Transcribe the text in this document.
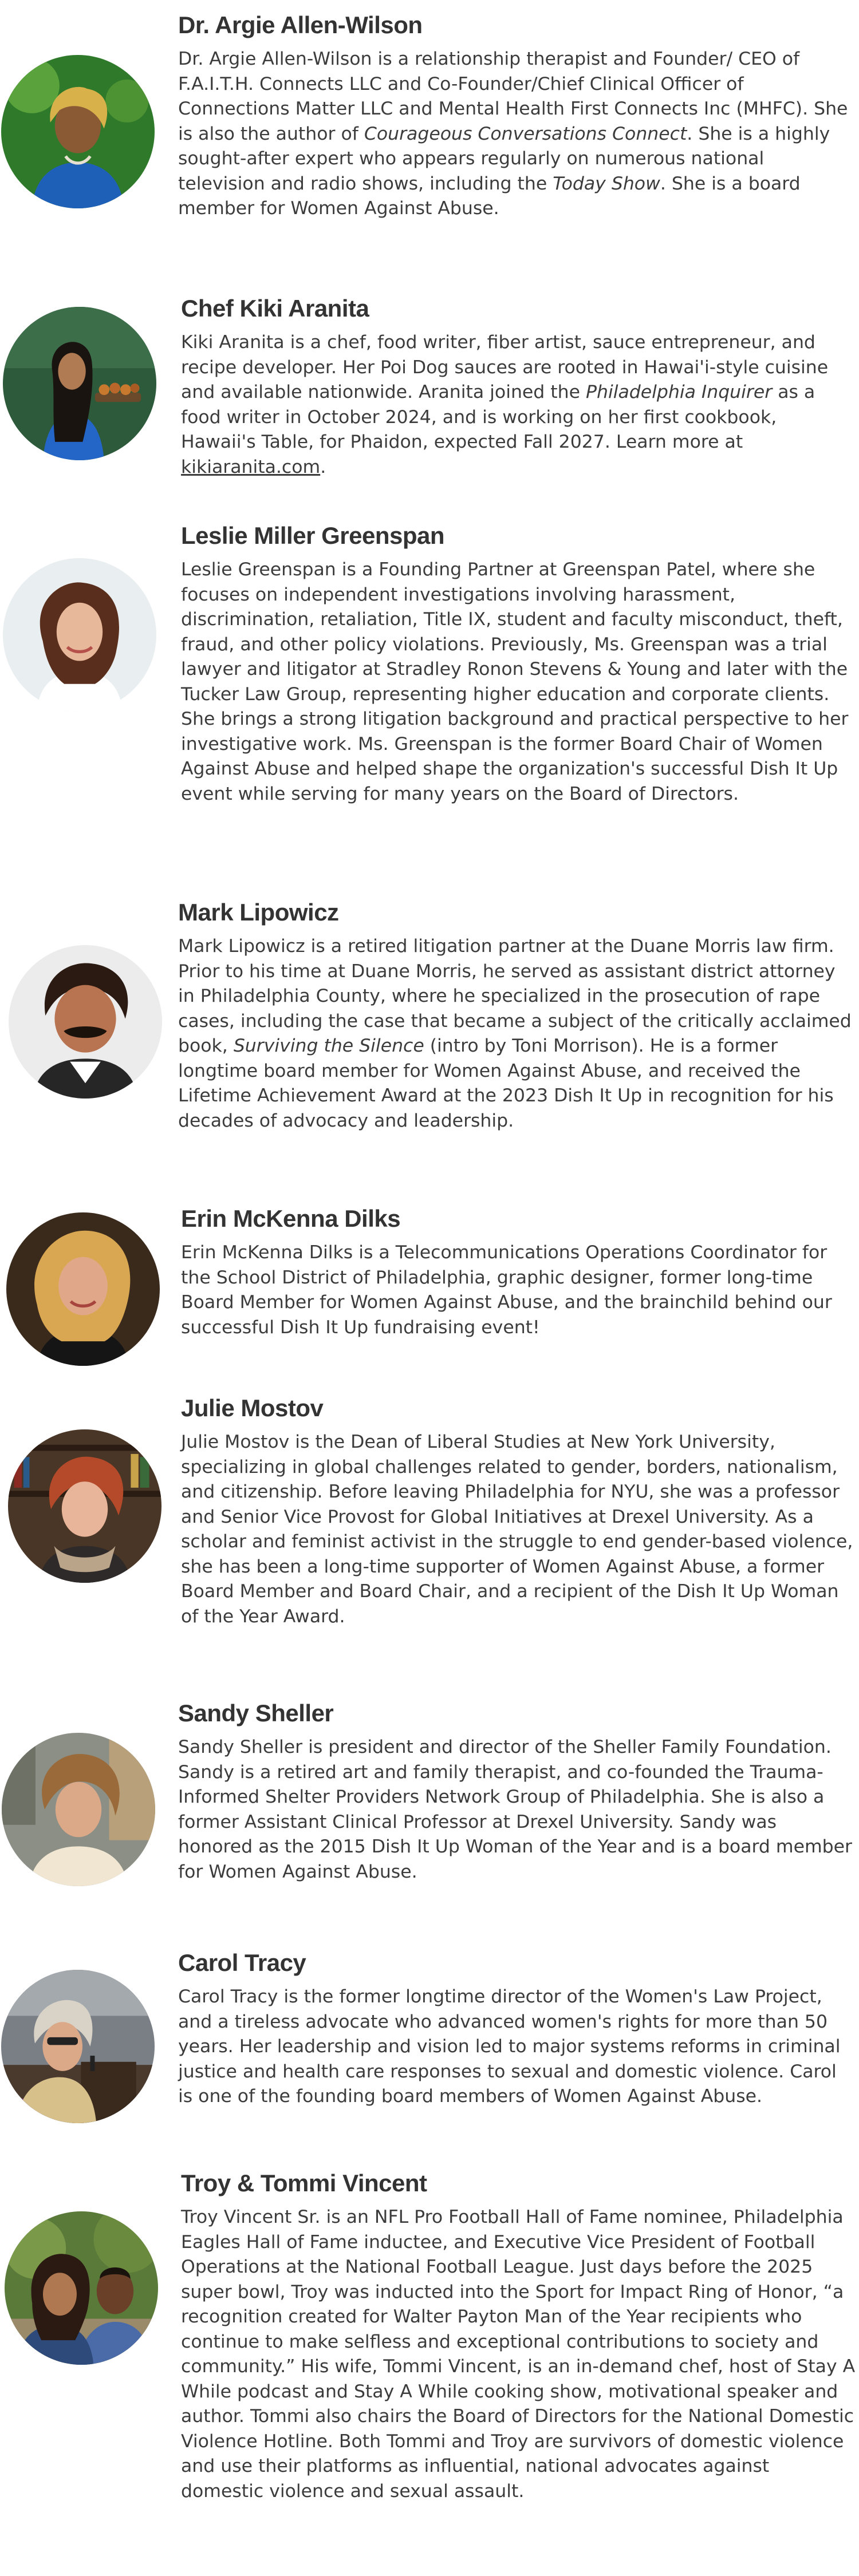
Dr. Argie Allen-Wilson

Dr. Argie Allen-Wilson is a relationship therapist and Founder/ CEO of F.A.I.T.H. Connects LLC and Co-Founder/Chief Clinical Officer of Connections Matter LLC and Mental Health First Connects Inc (MHFC). She is also the author of Courageous Conversations Connect. She is a highly sought-after expert who appears regularly on numerous national television and radio shows, including the Today Show. She is a board member for Women Against Abuse.

Chef Kiki Aranita

Kiki Aranita is a chef, food writer, fiber artist, sauce entrepreneur, and recipe developer. Her Poi Dog sauces are rooted in Hawai'i-style cuisine and available nationwide. Aranita joined the Philadelphia Inquirer as a food writer in October 2024, and is working on her first cookbook, Hawaii's Table, for Phaidon, expected Fall 2027. Learn more at kikiaranita.com.

Leslie Miller Greenspan

Leslie Greenspan is a Founding Partner at Greenspan Patel, where she focuses on independent investigations involving harassment, discrimination, retaliation, Title IX, student and faculty misconduct, theft, fraud, and other policy violations. Previously, Ms. Greenspan was a trial lawyer and litigator at Stradley Ronon Stevens & Young and later with the Tucker Law Group, representing higher education and corporate clients. She brings a strong litigation background and practical perspective to her investigative work. Ms. Greenspan is the former Board Chair of Women Against Abuse and helped shape the organization's successful Dish It Up event while serving for many years on the Board of Directors.

Mark Lipowicz

Mark Lipowicz is a retired litigation partner at the Duane Morris law firm. Prior to his time at Duane Morris, he served as assistant district attorney in Philadelphia County, where he specialized in the prosecution of rape cases, including the case that became a subject of the critically acclaimed book, Surviving the Silence (intro by Toni Morrison). He is a former longtime board member for Women Against Abuse, and received the Lifetime Achievement Award at the 2023 Dish It Up in recognition for his decades of advocacy and leadership.

Erin McKenna Dilks

Erin McKenna Dilks is a Telecommunications Operations Coordinator for the School District of Philadelphia, graphic designer, former long-time Board Member for Women Against Abuse, and the brainchild behind our successful Dish It Up fundraising event!

Julie Mostov

Julie Mostov is the Dean of Liberal Studies at New York University, specializing in global challenges related to gender, borders, nationalism, and citizenship. Before leaving Philadelphia for NYU, she was a professor and Senior Vice Provost for Global Initiatives at Drexel University. As a scholar and feminist activist in the struggle to end gender-based violence, she has been a long-time supporter of Women Against Abuse, a former Board Member and Board Chair, and a recipient of the Dish It Up Woman of the Year Award.

Sandy Sheller

Sandy Sheller is president and director of the Sheller Family Foundation. Sandy is a retired art and family therapist, and co-founded the Trauma-Informed Shelter Providers Network Group of Philadelphia. She is also a former Assistant Clinical Professor at Drexel University. Sandy was honored as the 2015 Dish It Up Woman of the Year and is a board member for Women Against Abuse.

Carol Tracy

Carol Tracy is the former longtime director of the Women's Law Project, and a tireless advocate who advanced women's rights for more than 50 years. Her leadership and vision led to major systems reforms in criminal justice and health care responses to sexual and domestic violence. Carol is one of the founding board members of Women Against Abuse.

Troy & Tommi Vincent

Troy Vincent Sr. is an NFL Pro Football Hall of Fame nominee, Philadelphia Eagles Hall of Fame inductee, and Executive Vice President of Football Operations at the National Football League. Just days before the 2025 super bowl, Troy was inducted into the Sport for Impact Ring of Honor, “a recognition created for Walter Payton Man of the Year recipients who continue to make selfless and exceptional contributions to society and community.” His wife, Tommi Vincent, is an in-demand chef, host of Stay A While podcast and Stay A While cooking show, motivational speaker and author. Tommi also chairs the Board of Directors for the National Domestic Violence Hotline. Both Tommi and Troy are survivors of domestic violence and use their platforms as influential, national advocates against domestic violence and sexual assault.
